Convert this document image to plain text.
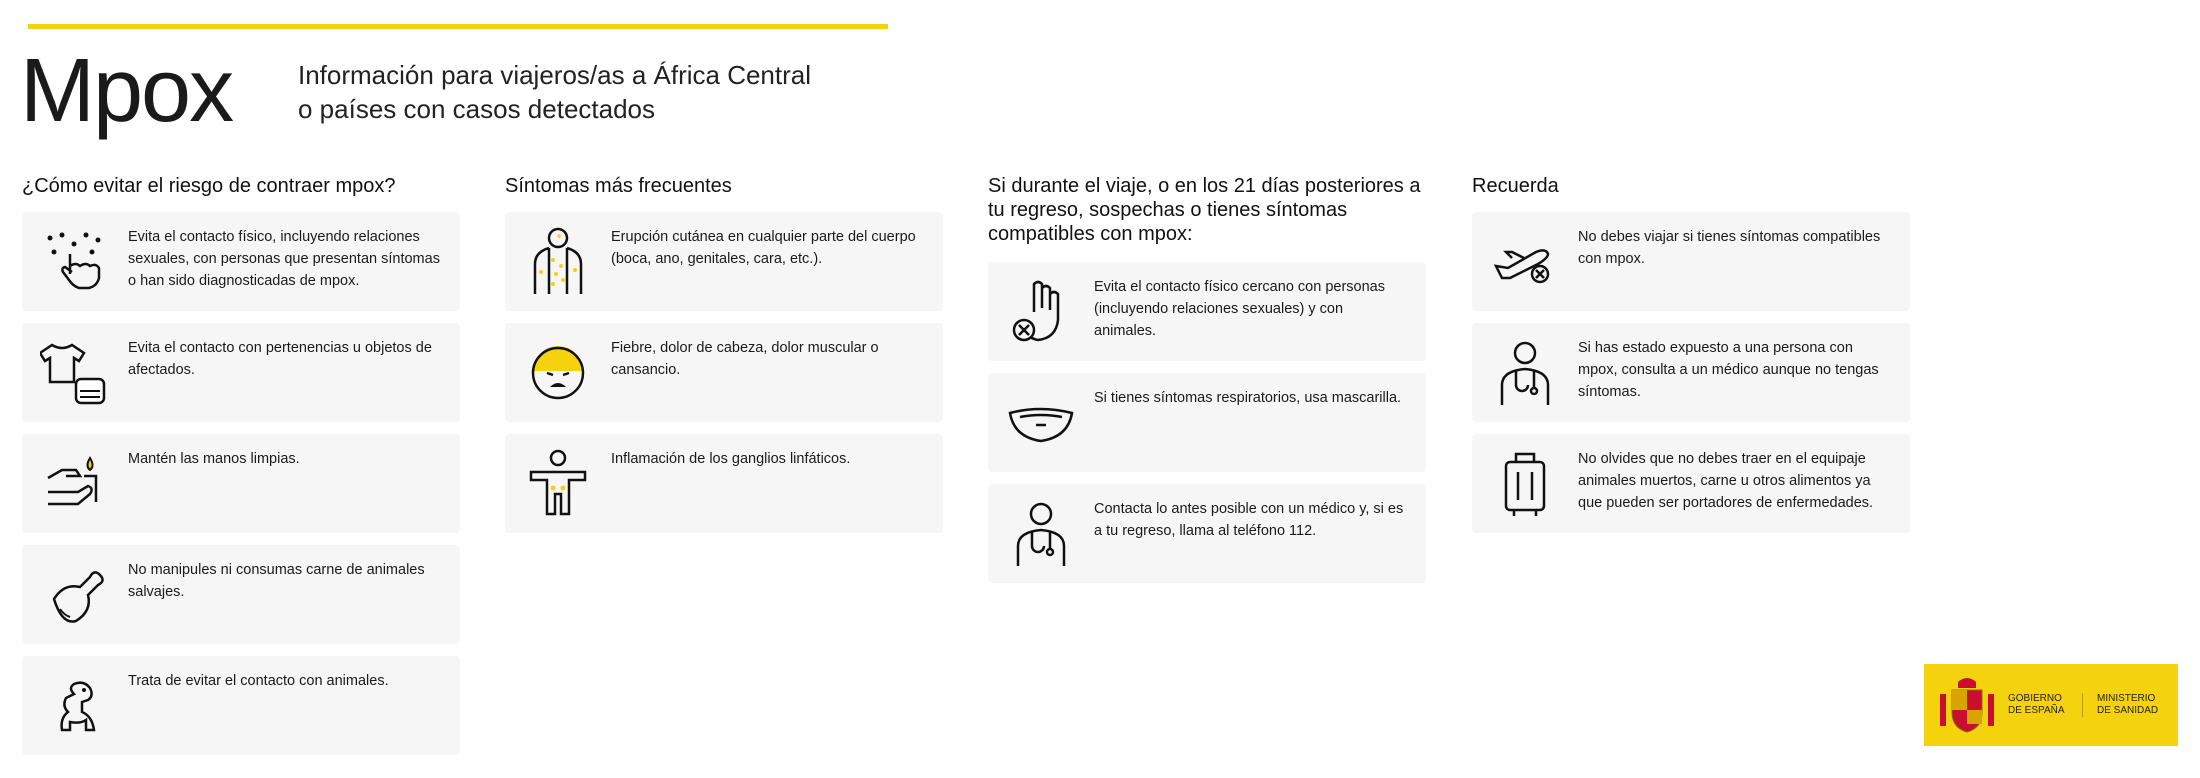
Mpox	Información para viajeros/as a África Central
o países con casos detectados
¿Cómo evitar el riesgo de contraer mpox?
Evita el contacto físico, incluyendo relaciones sexuales, con personas que presentan síntomas o han sido diagnosticadas de mpox.
Evita el contacto con pertenencias u objetos de afectados.
Mantén las manos limpias.
No manipules ni consumas carne de animales salvajes.
Trata de evitar el contacto con animales.
Síntomas más frecuentes
Erupción cutánea en cualquier parte del cuerpo (boca, ano, genitales, cara, etc.).
Fiebre, dolor de cabeza, dolor muscular o cansancio.
Inflamación de los ganglios linfáticos.
Si durante el viaje, o en los 21 días posteriores a tu regreso, sospechas o tienes síntomas compatibles con mpox:
Evita el contacto físico cercano con personas (incluyendo relaciones sexuales) y con animales.
Si tienes síntomas respiratorios, usa mascarilla.
Contacta lo antes posible con un médico y, si es a tu regreso, llama al teléfono 112.
Recuerda
No debes viajar si tienes síntomas compatibles con mpox.
Si has estado expuesto a una persona con mpox, consulta a un médico aunque no tengas síntomas.
No olvides que no debes traer en el equipaje animales muertos, carne u otros alimentos ya que pueden ser portadores de enfermedades.
GOBIERNO DE ESPAÑA
MINISTERIO DE SANIDAD
